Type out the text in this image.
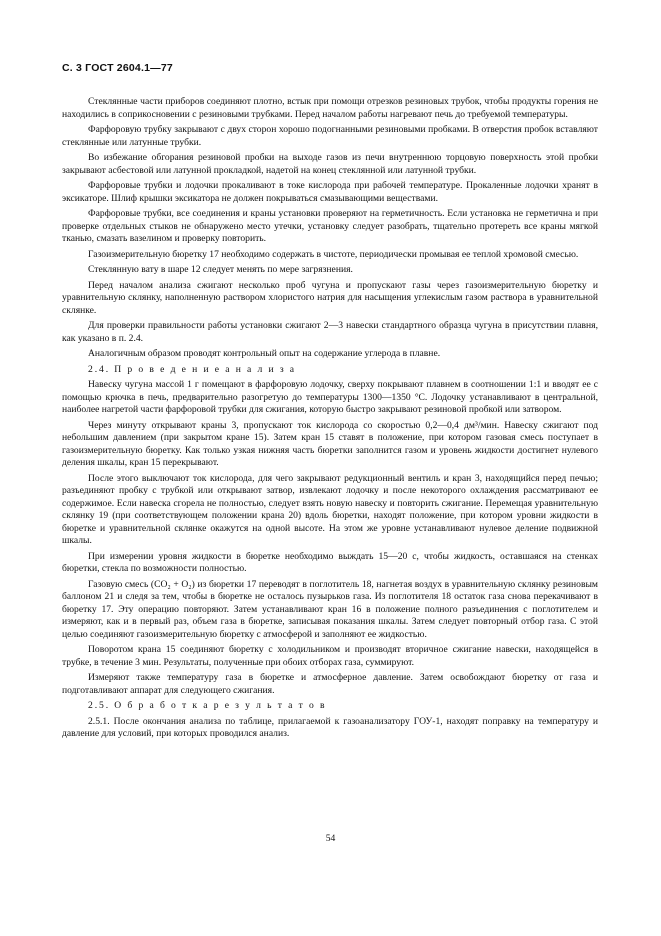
С. 3 ГОСТ 2604.1—77

Стеклянные части приборов соединяют плотно, встык при помощи отрезков резиновых трубок, чтобы продукты горения не находились в соприкосновении с резиновыми трубками. Перед началом работы нагревают печь до требуемой температуры.

Фарфоровую трубку закрывают с двух сторон хорошо подогнанными резиновыми пробками. В отверстия пробок вставляют стеклянные или латунные трубки.

Во избежание обгорания резиновой пробки на выходе газов из печи внутреннюю торцовую поверхность этой пробки закрывают асбестовой или латунной прокладкой, надетой на конец стеклянной или латунной трубки.

Фарфоровые трубки и лодочки прокаливают в токе кислорода при рабочей температуре. Прокаленные лодочки хранят в эксикаторе. Шлиф крышки эксикатора не должен покрываться смазывающими веществами.

Фарфоровые трубки, все соединения и краны установки проверяют на герметичность. Если установка не герметична и при проверке отдельных стыков не обнаружено место утечки, установку следует разобрать, тщательно протереть все краны мягкой тканью, смазать вазелином и проверку повторить.

Газоизмерительную бюретку 17 необходимо содержать в чистоте, периодически промывая ее теплой хромовой смесью.

Стеклянную вату в шаре 12 следует менять по мере загрязнения.

Перед началом анализа сжигают несколько проб чугуна и пропускают газы через газоизмерительную бюретку и уравнительную склянку, наполненную раствором хлористого натрия для насыщения углекислым газом раствора в уравнительной склянке.

Для проверки правильности работы установки сжигают 2—3 навески стандартного образца чугуна в присутствии плавня, как указано в п. 2.4.

Аналогичным образом проводят контрольный опыт на содержание углерода в плавне.

2.4. П р о в е д е н и е а н а л и з а

Навеску чугуна массой 1 г помещают в фарфоровую лодочку, сверху покрывают плавнем в соотношении 1:1 и вводят ее с помощью крючка в печь, предварительно разогретую до температуры 1300—1350 °С. Лодочку устанавливают в центральной, наиболее нагретой части фарфоровой трубки для сжигания, которую быстро закрывают резиновой пробкой или затвором.

Через минуту открывают краны 3, пропускают ток кислорода со скоростью 0,2—0,4 дм³/мин. Навеску сжигают под небольшим давлением (при закрытом кране 15). Затем кран 15 ставят в положение, при котором газовая смесь поступает в газоизмерительную бюретку. Как только узкая нижняя часть бюретки заполнится газом и уровень жидкости достигнет нулевого деления шкалы, кран 15 перекрывают.

После этого выключают ток кислорода, для чего закрывают редукционный вентиль и кран 3, находящийся перед печью; разъединяют пробку с трубкой или открывают затвор, извлекают лодочку и после некоторого охлаждения рассматривают ее содержимое. Если навеска сгорела не полностью, следует взять новую навеску и повторить сжигание. Перемещая уравнительную склянку 19 (при соответствующем положении крана 20) вдоль бюретки, находят положение, при котором уровни жидкости в бюретке и уравнительной склянке окажутся на одной высоте. На этом же уровне устанавливают нулевое деление подвижной шкалы.

При измерении уровня жидкости в бюретке необходимо выждать 15—20 с, чтобы жидкость, оставшаяся на стенках бюретки, стекла по возможности полностью.

Газовую смесь (CO₂ + O₂) из бюретки 17 переводят в поглотитель 18, нагнетая воздух в уравнительную склянку резиновым баллоном 21 и следя за тем, чтобы в бюретке не осталось пузырьков газа. Из поглотителя 18 остаток газа снова перекачивают в бюретку 17. Эту операцию повторяют. Затем устанавливают кран 16 в положение полного разъединения с поглотителем и измеряют, как и в первый раз, объем газа в бюретке, записывая показания шкалы. Затем следует повторный отбор газа. С этой целью соединяют газоизмерительную бюретку с атмосферой и заполняют ее жидкостью.

Поворотом крана 15 соединяют бюретку с холодильником и производят вторичное сжигание навески, находящейся в трубке, в течение 3 мин. Результаты, полученные при обоих отборах газа, суммируют.

Измеряют также температуру газа в бюретке и атмосферное давление. Затем освобождают бюретку от газа и подготавливают аппарат для следующего сжигания.

2.5. О б р а б о т к а р е з у л ь т а т о в

2.5.1. После окончания анализа по таблице, прилагаемой к газоанализатору ГОУ-1, находят поправку на температуру и давление для условий, при которых проводился анализ.

54
